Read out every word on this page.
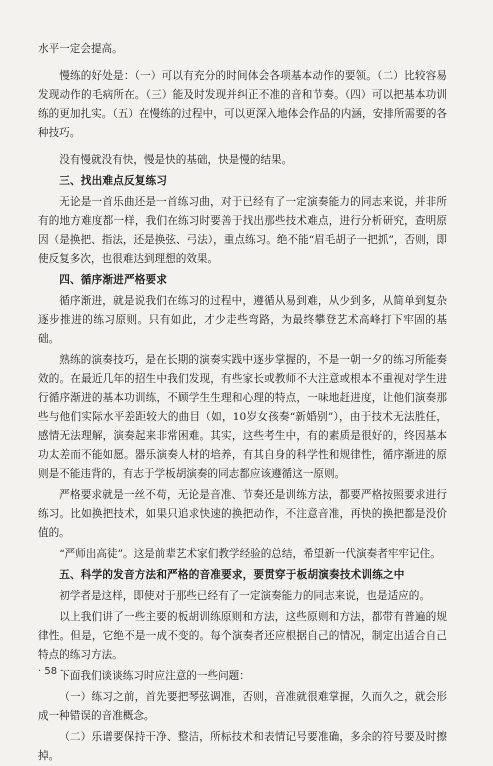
水平一定会提高。

慢练的好处是：（一）可以有充分的时间体会各项基本动作的要领。（二）比较容易发现动作的毛病所在。（三）能及时发现并纠正不准的音和节奏。（四）可以把基本功训练的更加扎实。（五）在慢练的过程中，可以更深入地体会作品的内涵，安排所需要的各种技巧。

没有慢就没有快，慢是快的基础，快是慢的结果。

三、找出难点反复练习

无论是一首乐曲还是一首练习曲，对于已经有了一定演奏能力的同志来说，并非所有的地方难度都一样，我们在练习时要善于找出那些技术难点，进行分析研究，查明原因（是换把、指法，还是换弦、弓法），重点练习。绝不能“眉毛胡子一把抓”，否则，即使反复多次，也很难达到理想的效果。

四、循序渐进严格要求

循序渐进，就是说我们在练习的过程中，遵循从易到难，从少到多，从简单到复杂逐步推进的练习原则。只有如此，才少走些弯路，为最终攀登艺术高峰打下牢固的基础。

熟练的演奏技巧，是在长期的演奏实践中逐步掌握的，不是一朝一夕的练习所能奏效的。在最近几年的招生中我们发现，有些家长或教师不大注意或根本不重视对学生进行循序渐进的基本功训练，不顾学生生理和心理的特点，一味地赶进度，让他们演奏那些与他们实际水平差距较大的曲目（如，10岁女孩奏“新婚别”），由于技术无法胜任，感情无法理解，演奏起来非常困难。其实，这些考生中，有的素质是很好的，终因基本功太差而不能如愿。器乐演奏人材的培养，有其自身的科学性和规律性，循序渐进的原则是不能违背的，有志于学板胡演奏的同志都应该遵循这一原则。

严格要求就是一丝不苟，无论是音准、节奏还是训练方法，都要严格按照要求进行练习。比如换把技术，如果只追求快速的换把动作，不注意音准，再快的换把都是没价值的。

“严师出高徒”。这是前辈艺术家们教学经验的总结，希望新一代演奏者牢牢记住。

五、科学的发音方法和严格的音准要求，要贯穿于板胡演奏技术训练之中

初学者是这样，即使对于那些已经有了一定演奏能力的同志来说，也是适应的。

以上我们讲了一些主要的板胡训练原则和方法，这些原则和方法，都带有普遍的规律性。但是，它绝不是一成不变的。每个演奏者还应根据自己的情况，制定出适合自己特点的练习方法。

下面我们谈谈练习时应注意的一些问题：

（一）练习之前，首先要把琴弦调准，否则，音准就很难掌握，久而久之，就会形成一种错误的音准概念。

（二）乐谱要保持干净、整洁，所标技术和表情记号要准确，多余的符号要及时擦掉。

· 58 ·
